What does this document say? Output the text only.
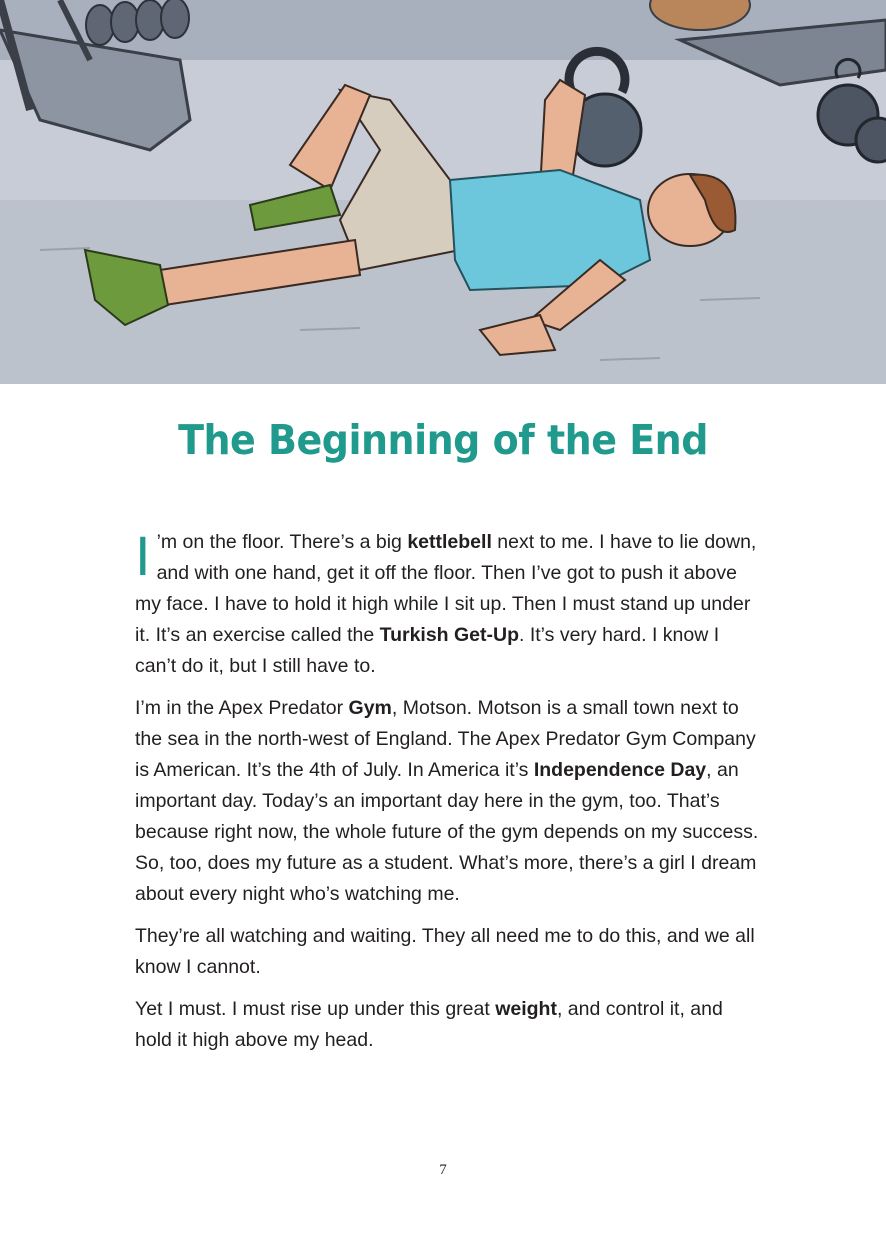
The Beginning of the End

I ’m on the floor. There’s a big kettlebell next to me. I have to lie down, and with one hand, get it off the floor. Then I’ve got to push it above my face. I have to hold it high while I sit up. Then I must stand up under it. It’s an exercise called the Turkish Get-Up. It’s very hard. I know I can’t do it, but I still have to.

I’m in the Apex Predator Gym, Motson. Motson is a small town next to the sea in the north-west of England. The Apex Predator Gym Company is American. It’s the 4th of July. In America it’s Independence Day, an important day. Today’s an important day here in the gym, too. That’s because right now, the whole future of the gym depends on my success. So, too, does my future as a student. What’s more, there’s a girl I dream about every night who’s watching me.

They’re all watching and waiting. They all need me to do this, and we all know I cannot.

Yet I must. I must rise up under this great weight, and control it, and hold it high above my head.

7
